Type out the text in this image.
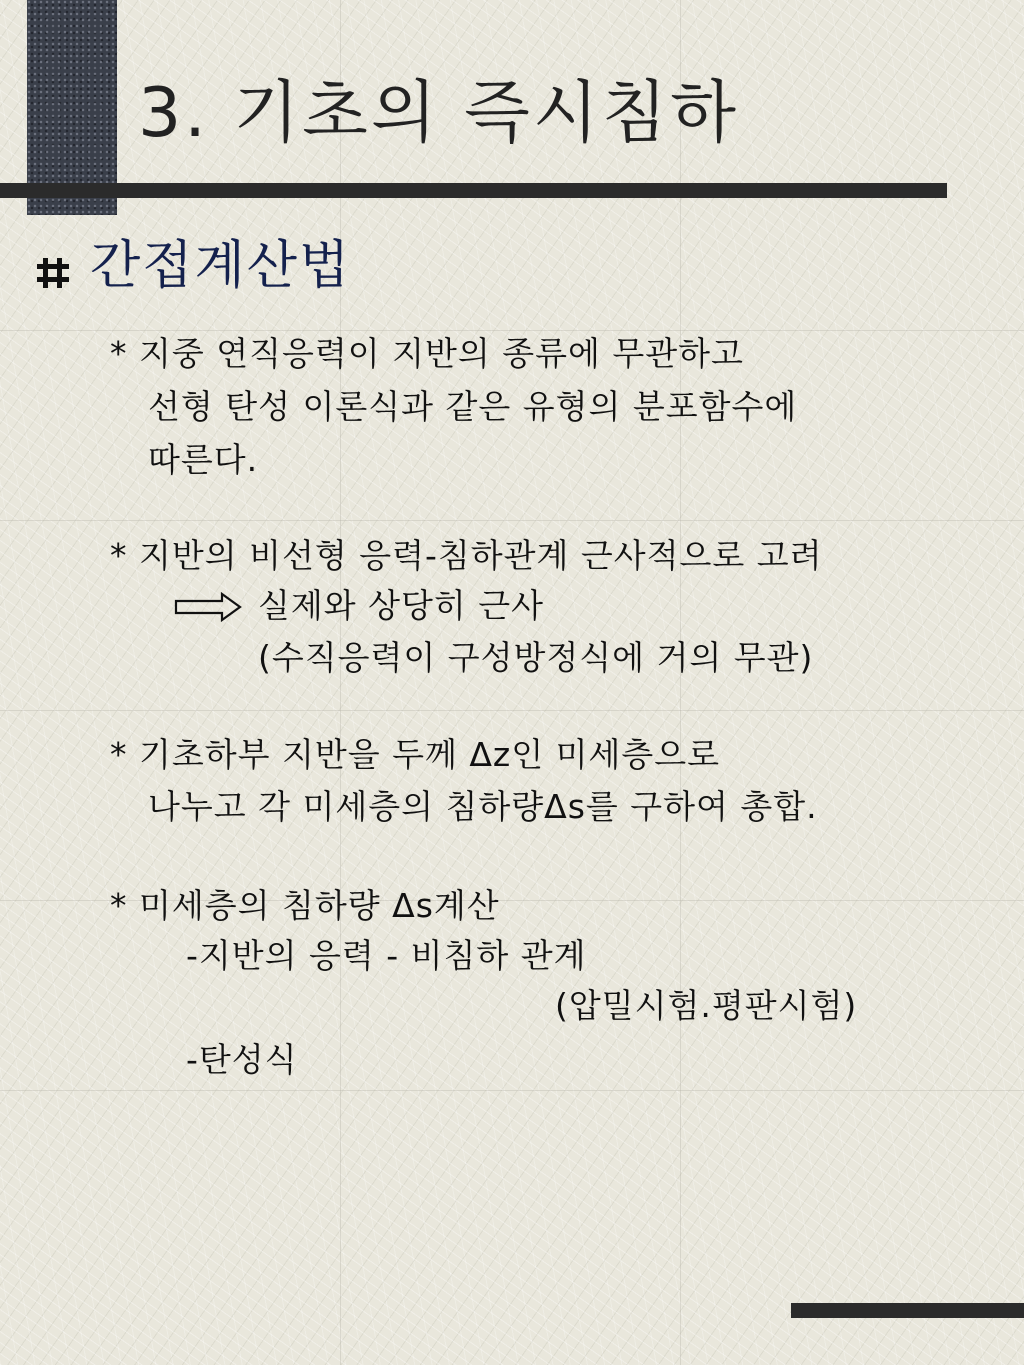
3. 기초의 즉시침하
간접계산법
* 지중 연직응력이 지반의 종류에 무관하고
선형 탄성 이론식과 같은 유형의 분포함수에
따른다.
* 지반의 비선형 응력-침하관계 근사적으로 고려
실제와 상당히 근사
(수직응력이 구성방정식에 거의 무관)
* 기초하부 지반을 두께 Δz인 미세층으로
나누고 각 미세층의 침하량Δs를 구하여 총합.
* 미세층의 침하량 Δs계산
-지반의 응력 - 비침하 관계
(압밀시험.평판시험)
-탄성식
